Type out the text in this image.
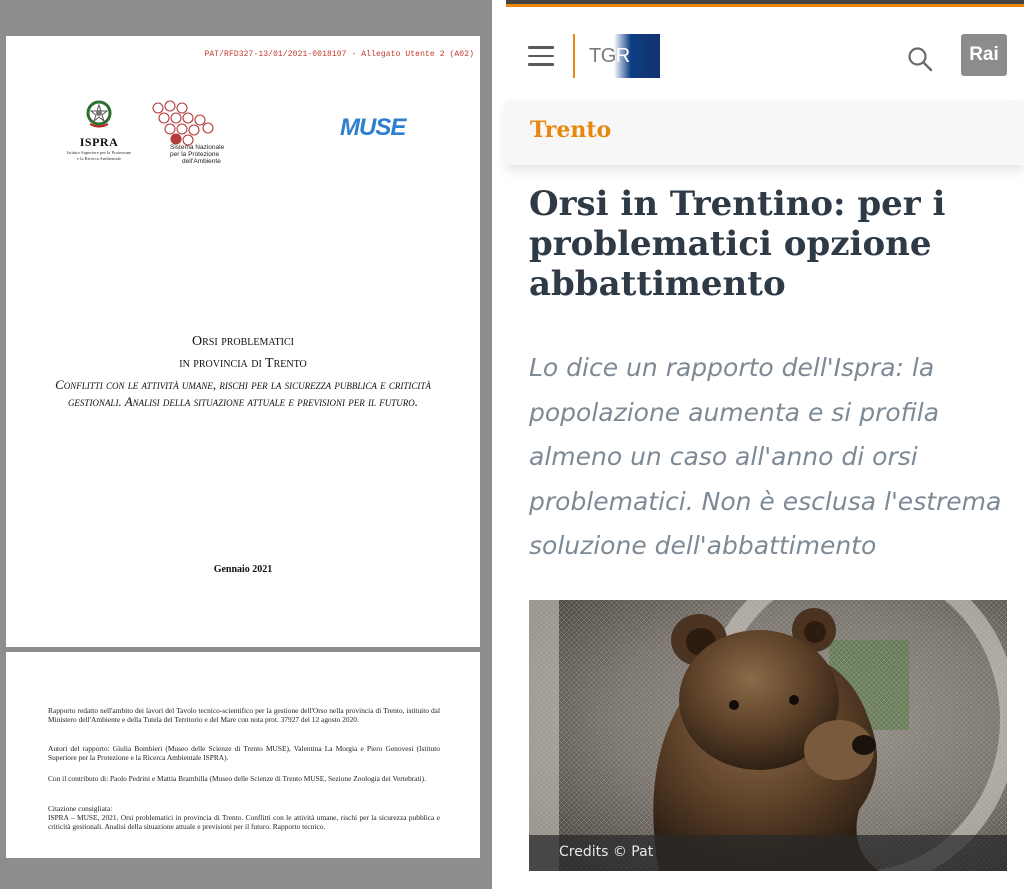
PAT/RFD327-13/01/2021-0018107 - Allegato Utente 2 (A02)
ISPRA
Istituto Superiore per la Protezione
e la Ricerca Ambientale
Sistema Nazionale
per la Protezione
dell'Ambiente
MUSE
Orsi problematici
in provincia di Trento
Conflitti con le attività umane, rischi per la sicurezza pubblica e criticità gestionali. Analisi della situazione attuale e previsioni per il futuro.
Gennaio 2021
Rapporto redatto nell'ambito dei lavori del Tavolo tecnico-scientifico per la gestione dell'Orso nella provincia di Trento, istituito dal Ministero dell'Ambiente e della Tutela del Territorio e del Mare con nota prot. 37927 del 12 agosto 2020.
Autori del rapporto: Giulia Bombieri (Museo delle Scienze di Trento MUSE), Valentina La Morgia e Piero Genovesi (Istituto Superiore per la Protezione e la Ricerca Ambientale ISPRA).
Con il contributo di: Paolo Pedrini e Mattia Brambilla (Museo delle Scienze di Trento MUSE, Sezione Zoologia dei Vertebrati).
Citazione consigliata:
ISPRA – MUSE, 2021. Orsi problematici in provincia di Trento. Conflitti con le attività umane, rischi per la sicurezza pubblica e criticità gestionali. Analisi della situazione attuale e previsioni per il futuro. Rapporto tecnico.
TGR	Rai
Trento
Orsi in Trentino: per i problematici opzione abbattimento
Lo dice un rapporto dell'Ispra: la popolazione aumenta e si profila almeno un caso all'anno di orsi problematici. Non è esclusa l'estrema soluzione dell'abbattimento
Credits © Pat
